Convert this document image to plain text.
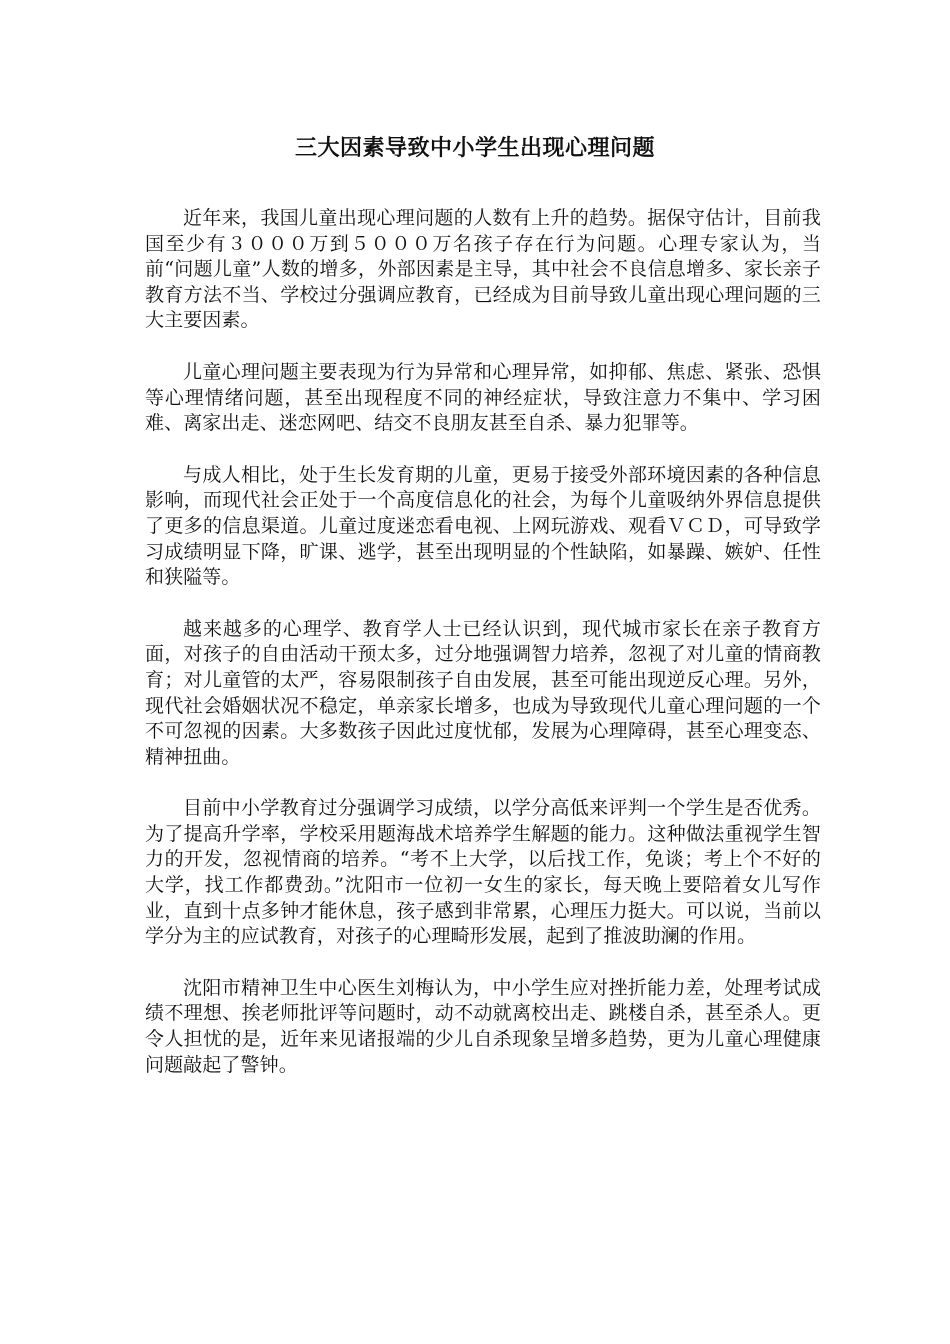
三大因素导致中小学生出现心理问题

近年来，我国儿童出现心理问题的人数有上升的趋势。据保守估计，目前我国至少有３０００万到５０００万名孩子存在行为问题。心理专家认为，当前“问题儿童”人数的增多，外部因素是主导，其中社会不良信息增多、家长亲子教育方法不当、学校过分强调应教育，已经成为目前导致儿童出现心理问题的三大主要因素。

儿童心理问题主要表现为行为异常和心理异常，如抑郁、焦虑、紧张、恐惧等心理情绪问题，甚至出现程度不同的神经症状，导致注意力不集中、学习困难、离家出走、迷恋网吧、结交不良朋友甚至自杀、暴力犯罪等。

与成人相比，处于生长发育期的儿童，更易于接受外部环境因素的各种信息影响，而现代社会正处于一个高度信息化的社会，为每个儿童吸纳外界信息提供了更多的信息渠道。儿童过度迷恋看电视、上网玩游戏、观看ＶＣＤ，可导致学习成绩明显下降，旷课、逃学，甚至出现明显的个性缺陷，如暴躁、嫉妒、任性和狭隘等。

越来越多的心理学、教育学人士已经认识到，现代城市家长在亲子教育方面，对孩子的自由活动干预太多，过分地强调智力培养，忽视了对儿童的情商教育；对儿童管的太严，容易限制孩子自由发展，甚至可能出现逆反心理。另外，现代社会婚姻状况不稳定，单亲家长增多，也成为导致现代儿童心理问题的一个不可忽视的因素。大多数孩子因此过度忧郁，发展为心理障碍，甚至心理变态、精神扭曲。

目前中小学教育过分强调学习成绩，以学分高低来评判一个学生是否优秀。为了提高升学率，学校采用题海战术培养学生解题的能力。这种做法重视学生智力的开发，忽视情商的培养。“考不上大学，以后找工作，免谈；考上个不好的大学，找工作都费劲。”沈阳市一位初一女生的家长，每天晚上要陪着女儿写作业，直到十点多钟才能休息，孩子感到非常累，心理压力挺大。可以说，当前以学分为主的应试教育，对孩子的心理畸形发展，起到了推波助澜的作用。

沈阳市精神卫生中心医生刘梅认为，中小学生应对挫折能力差，处理考试成绩不理想、挨老师批评等问题时，动不动就离校出走、跳楼自杀，甚至杀人。更令人担忧的是，近年来见诸报端的少儿自杀现象呈增多趋势，更为儿童心理健康问题敲起了警钟。
